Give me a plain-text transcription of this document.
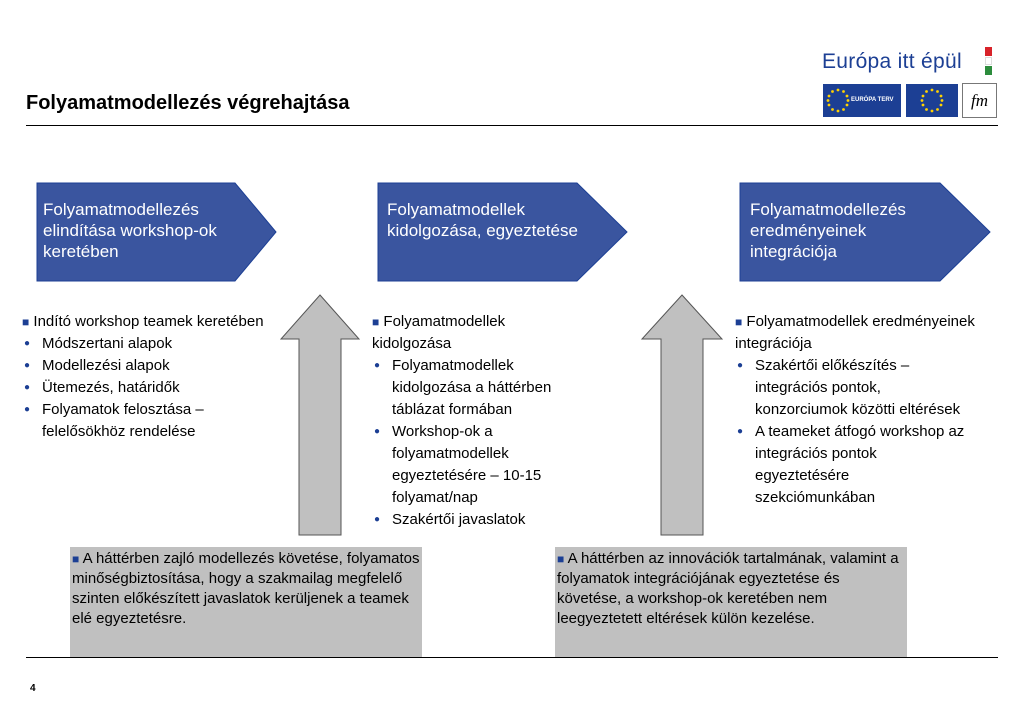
Folyamatmodellezés végrehajtása
Európa itt épül
EURÓPA TERV	fm
Folyamatmodellezés elindítása workshop-ok keretében
Folyamatmodellek kidolgozása, egyeztetése
Folyamatmodellezés eredményeinek integrációja
■ Indító workshop teamek keretében
● Módszertani alapok
● Modellezési alapok
● Ütemezés, határidők
● Folyamatok felosztása – felelősökhöz rendelése
■ Folyamatmodellek kidolgozása
● Folyamatmodellek kidolgozása a háttérben táblázat formában
● Workshop-ok a folyamatmodellek egyeztetésére – 10-15 folyamat/nap
● Szakértői javaslatok
■ Folyamatmodellek eredményeinek integrációja
● Szakértői előkészítés – integrációs pontok, konzorciumok közötti eltérések
● A teameket átfogó workshop az integrációs pontok egyeztetésére szekciómunkában
■ A háttérben zajló modellezés követése, folyamatos minőségbiztosítása, hogy a szakmailag megfelelő szinten előkészített javaslatok kerüljenek a teamek elé egyeztetésre.
■ A háttérben az innovációk tartalmának, valamint a folyamatok integrációjának egyeztetése és követése, a workshop-ok keretében nem leegyeztetett eltérések külön kezelése.
4
